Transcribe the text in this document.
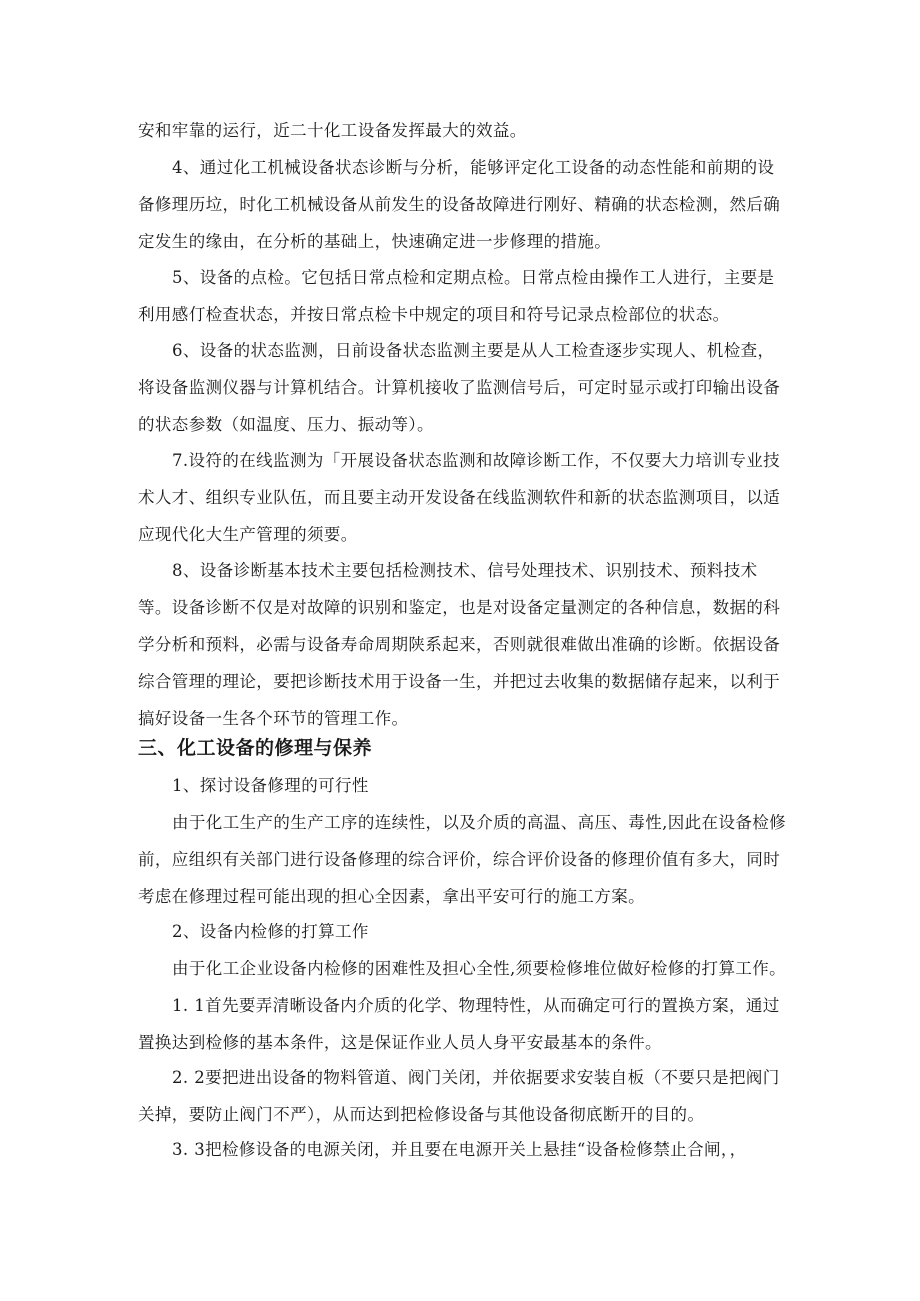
安和牢靠的运行，近二十化工设备发挥最大的效益。

4、通过化工机械设备状态诊断与分析，能够评定化工设备的动态性能和前期的设备修理历垃，时化工机械设备从前发生的设备故障进行刚好、精确的状态检测，然后确定发生的缘由，在分析的基础上，快速确定进一步修理的措施。

5、设备的点检。它包括日常点检和定期点检。日常点检由操作工人进行，主要是利用感仃检查状态，并按日常点检卡中规定的项目和符号记录点检部位的状态。

6、设备的状态监测，日前设备状态监测主要是从人工检查逐步实现人、机检查，将设备监测仪器与计算机结合。计算机接收了监测信号后，可定时显示或打印输出设备的状态参数（如温度、压力、振动等）。

7.设符的在线监测为「开展设备状态监测和故障诊断工作，不仅要大力培训专业技术人才、组织专业队伍，而且要主动开发设备在线监测软件和新的状态监测项目，以适应现代化大生产管理的须要。

8、设备诊断基本技术主要包括检测技术、信号处理技术、识别技术、预料技术等。设备诊断不仅是对故障的识别和鉴定，也是对设备定量测定的各种信息，数据的科学分析和预料，必需与设备寿命周期陕系起来，否则就很难做出准确的诊断。依据设备综合管理的理论，要把诊断技术用于设备一生，并把过去收集的数据储存起来，以利于搞好设备一生各个环节的管理工作。

三、化工设备的修理与保养

1、探讨设备修理的可行性

由于化工生产的生产工序的连续性，以及介质的高温、高压、毒性,因此在设备检修前，应组织有关部门进行设备修理的综合评价，综合评价设备的修理价值有多大，同时考虑在修理过程可能出现的担心全因素，拿出平安可行的施工方案。

2、设备内检修的打算工作

由于化工企业设备内检修的困难性及担心全性,须要检修堆位做好检修的打算工作。

1. 1首先要弄清晰设备内介质的化学、物理特性，从而确定可行的置换方案，通过置换达到检修的基本条件，这是保证作业人员人身平安最基本的条件。

2. 2要把进出设备的物料管道、阀门关闭，并依据要求安装自板（不要只是把阀门关掉，要防止阀门不严），从而达到把检修设备与其他设备彻底断开的目的。

3. 3把检修设备的电源关闭，并且要在电源开关上悬挂“设备检修禁止合闸，，
